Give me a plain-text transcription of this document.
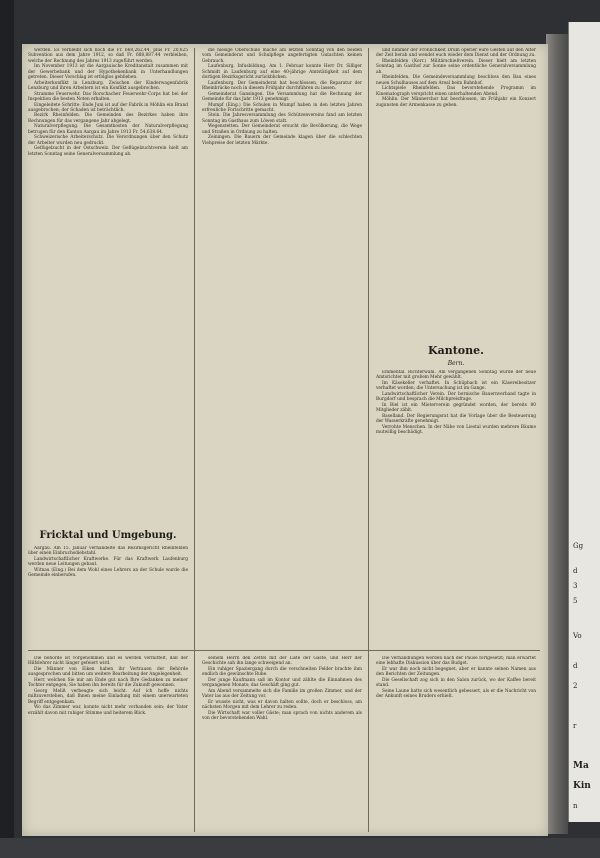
Gg
d
3
5
Vo
d
2
r
Ma
Kin
n

werden. Es verbleibt sich noch die Fr. 668,262.44, plus Fr. 20,625 Subvention aus dem Jahre 1912, so daß Fr. 688,887.44 verbleiben, welche der Rechnung des Jahres 1913 zugeführt werden.

Im November 1913 ist die Aargauische Kreditanstalt zusammen mit der Gewerbebank und der Hypothekenbank in Unterhandlungen getreten. Dieser Vorschlag ist erfolglos geblieben.

Arbeiterkonflikt in Lenzburg. Zwischen der Kinderwagenfabrik Lenzburg und ihren Arbeitern ist ein Konflikt ausgebrochen.

Stramme Feuerwehr. Das Rorschacher Feuerwehr-Corps hat bei der Inspektion die besten Noten erhalten.

Eingeleitete Schritte. Ende Juni ist auf der Fabrik in Möhlin ein Brand ausgebrochen; der Schaden ist beträchtlich.

Bezirk Rheinfelden. Die Gemeinden des Bezirkes haben ihre Rechnungen für das vergangene Jahr abgelegt.

Naturalverpflegung. Die Gesamtkosten der Naturalverpflegung betrugen für den Kanton Aargau im Jahre 1913 Fr. 54,638.64.

Schweizerische Arbeiterschutz. Die Verordnungen über den Schutz der Arbeiter wurden neu gedruckt.

Geflügelzucht in der Ostschweiz. Der Geflügelzuchtverein hielt am letzten Sonntag seine Generalversammlung ab.

Fricktal und Umgebung.

Aargau. Am 15. Januar verhandelte das Bezirksgericht Rheinfelden über einen Einbruchsdiebstahl.

Landwirtschaftlicher Kraftwerke. Für das Kraftwerk Laufenburg werden neue Leitungen gebaut.

Witnau (Eing.) Bei dem Wohl eines Lehrers an der Schule wurde die Gemeinde einberufen.

Die behörde ist vorgenommen und es werden vermittelt, daß der Hilfslehrer nicht länger gefeiert wird.

Die Männer von Eiken haben ihr Vertrauen der Behörde ausgesprochen und bitten um weitere Bearbeitung der Angelegenheit.

Herr, welchen Sie mir am Ende gut nach Ihre Gedanken zu meiner Tochter entgegen; Sie haben ihn bereits für die Zukunft gewonnen.

Georg Meliß verbeugte sich leicht. Auf ich hoffe nichts mißzuverstehen, daß Ihnen meine Einladung mit einem unerwarteten Begriff entgegenkam.

Wo das Zimmer war, konnte nicht mehr vorhanden sein; der Vater erzählt davon mit ruhiger Stimme und heiterem Blick.

die hiesige Oberschule mache am letzten Sonntag von den beiden vom Gemeinderat und Schulpflege angefertigten Gutachten keinen Gebrauch.

Laufenburg. Infusbildung. Am 1. Februar konnte Herr Dr. Silliger Schmidt in Laufenburg auf eine 40-jährige Amtstätigkeit auf dem dortigen Bezirksgericht zurückblicken.

Laufenburg. Der Gemeinderat hat beschlossen, die Reparatur der Rheinbrücke noch in diesem Frühjahr durchführen zu lassen.

Gemeinderat Gansingen. Die Versammlung hat die Rechnung der Gemeinde für das Jahr 1913 genehmigt.

Mumpf (Eing.) Die Schulen in Mumpf haben in den letzten Jahren erfreuliche Fortschritte gemacht.

Stein. Die Jahresversammlung des Schützenvereins fand am letzten Sonntag im Gasthaus zum Löwen statt.

Wegenstetten. Der Gemeinderat ersucht die Bevölkerung, die Wege und Straßen in Ordnung zu halten.

Zeiningen. Die Bauern der Gemeinde klagen über die schlechten Viehpreise der letzten Märkte.

seinem Herrn den Zettel mit der Liste der Gäste, und Herr der Geschichte sah ihn lange schweigend an.

Ein ruhiger Spaziergang durch die verschneiten Felder brachte ihm endlich die gewünschte Ruhe.

Der junge Kaufmann saß im Kontor und zählte die Einnahmen des vergangenen Monats; das Geschäft ging gut.

Am Abend versammelte sich die Familie im großen Zimmer, und der Vater las aus der Zeitung vor.

Er wusste nicht, was er davon halten sollte, doch er beschloss, am nächsten Morgen mit dem Lehrer zu reden.

Die Wirtschaft war voller Gäste; man sprach von nichts anderem als von der bevorstehenden Wahl.

und nimmer der Fröhlichkeit Drum operier eure Gesten auf den Alter der Zeit herab und wendet euch wieder dem Dienst und der Ordnung zu.

Rheinfelden (Korr.) Militärschießverein. Dieser hielt am letzten Sonntag im Gasthof zur Sonne seine ordentliche Generalversammlung ab.

Rheinfelden. Die Gemeindeversammlung beschloss den Bau eines neuen Schulhauses auf dem Areal beim Bahnhof.

Lichtspiele Rheinfelden. Das bevorstehende Programm im Kinematograph verspricht einen unterhaltenden Abend.

Möhlin. Der Männerchor hat beschlossen, im Frühjahr ein Konzert zugunsten der Armenkasse zu geben.

Kantone.
Bern.

Emmental. Richterwahl. Am vergangenen Sonntag wurde der neue Amtsrichter mit großem Mehr gewählt.

Im Käsekeller verhaftet. In Schüpbach ist ein Käsereibesitzer verhaftet worden; die Untersuchung ist im Gange.

Landwirtschaftlicher Verein. Der bernische Bauernverband tagte in Burgdorf und besprach die Milchpreisfrage.

In Biel ist ein Mieterverein gegründet worden, der bereits 80 Mitglieder zählt.

Baselland. Der Regierungsrat hat die Vorlage über die Besteuerung der Wasserkräfte genehmigt.

Verrohte Menschen. In der Nähe von Liestal wurden mehrere Bäume mutwillig beschädigt.

Die Verhandlungen werden nach der Pause fortgesetzt; man erwartet eine lebhafte Diskussion über das Budget.

Er war ihm noch nicht begegnet, aber er kannte seinen Namen aus den Berichten der Zeitungen.

Die Gesellschaft zog sich in den Salon zurück, wo der Kaffee bereit stand.

Seine Laune hatte sich wesentlich gebessert, als er die Nachricht von der Ankunft seines Bruders erhielt.
